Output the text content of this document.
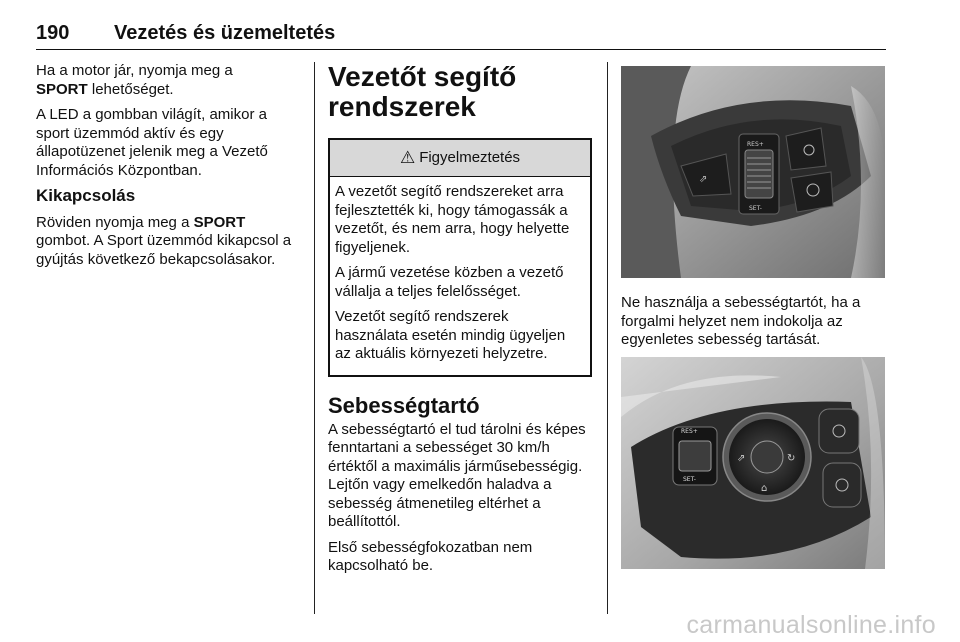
190 Vezetés és üzemeltetés

Ha a motor jár, nyomja meg a
SPORT lehetőséget.

A LED a gombban világít, amikor a sport üzemmód aktív és egy állapotüzenet jelenik meg a Vezető Információs Központban.

Kikapcsolás

Röviden nyomja meg a SPORT gombot. A Sport üzemmód kikapcsol a gyújtás következő bekapcsolásakor.

Vezetőt segítő rendszerek
⚠ Figyelmeztetés

A vezetőt segítő rendszereket arra fejlesztették ki, hogy támogassák a vezetőt, és nem arra, hogy helyette figyeljenek.

A jármű vezetése közben a vezető vállalja a teljes felelősséget.

Vezetőt segítő rendszerek használata esetén mindig ügyeljen az aktuális környezeti helyzetre.

Sebességtartó

A sebességtartó el tud tárolni és képes fenntartani a sebességet 30 km/h értéktől a maximális járműsebességig. Lejtőn vagy emelkedőn haladva a sebesség átmenetileg eltérhet a beállítottól.

Első sebességfokozatban nem kapcsolható be.

⇗
RES+
SET-

Ne használja a sebességtartót, ha a forgalmi helyzet nem indokolja az egyenletes sebesség tartását.

RES+
SET-
⇗	↻
⌂
carmanualsonline.info
